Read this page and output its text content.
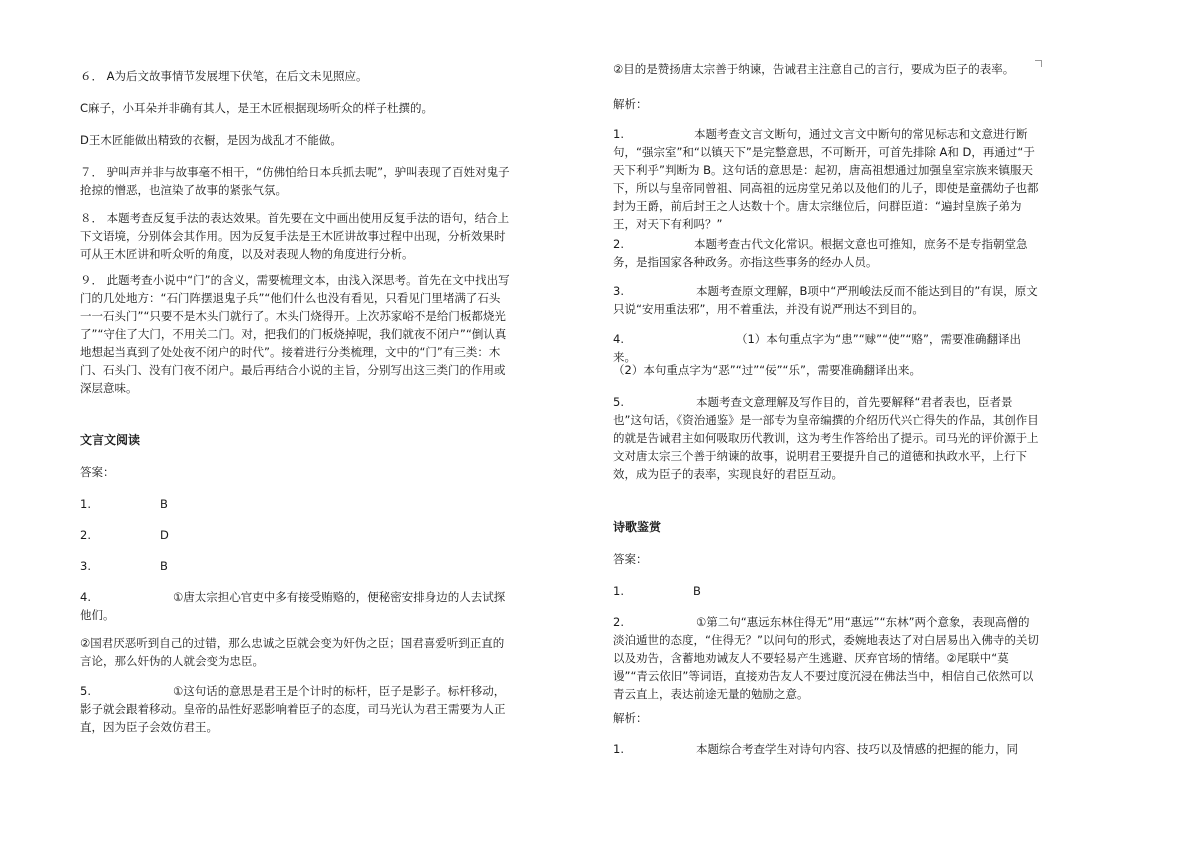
６． A为后文故事情节发展埋下伏笔，在后文未见照应。

C麻子，小耳朵并非确有其人，是王木匠根据现场听众的样子杜撰的。

D王木匠能做出精致的衣橱，是因为战乱才不能做。

７． 驴叫声并非与故事毫不相干，“仿佛怕给日本兵抓去呢”，驴叫表现了百姓对鬼子抢掠的憎恶，也渲染了故事的紧张气氛。

８． 本题考查反复手法的表达效果。首先要在文中画出使用反复手法的语句，结合上下文语境，分别体会其作用。因为反复手法是王木匠讲故事过程中出现，分析效果时可从王木匠讲和听众听的角度，以及对表现人物的角度进行分析。

９． 此题考查小说中“门”的含义，需要梳理文本，由浅入深思考。首先在文中找出写门的几处地方：“石门阵摆退鬼子兵”“他们什么也没有看见，只看见门里堵满了石头一一石头门”“只要不是木头门就行了。木头门烧得开。上次苏家峪不是给门板都烧光了”“守住了大门，不用关二门。对，把我们的门板烧掉呢，我们就夜不闭户”“倒认真地想起当真到了处处夜不闭户的时代”。接着进行分类梳理，文中的“门”有三类：木门、石头门、没有门夜不闭户。最后再结合小说的主旨，分别写出这三类门的作用或深层意味。

文言文阅读
答案：
1.	B
2.	D
3.	B

4.	①唐太宗担心官吏中多有接受贿赂的，便秘密安排身边的人去试探他们。

②国君厌恶听到自己的过错，那么忠诚之臣就会变为奸伪之臣；国君喜爱听到正直的言论，那么奸伪的人就会变为忠臣。

5.	①这句话的意思是君王是个计时的标杆，臣子是影子。标杆移动，影子就会跟着移动。皇帝的品性好恶影响着臣子的态度，司马光认为君王需要为人正直，因为臣子会效仿君王。

②目的是赞扬唐太宗善于纳谏，告诫君主注意自己的言行，要成为臣子的表率。

解析：

1.	本题考查文言文断句，通过文言文中断句的常见标志和文意进行断句，“强宗室”和“以镇天下”是完整意思，不可断开，可首先排除 A和 D，再通过“于天下利乎”判断为 B。这句话的意思是：起初，唐高祖想通过加强皇室宗族来镇服天下，所以与皇帝同曾祖、同高祖的远房堂兄弟以及他们的儿子，即使是童孺幼子也都封为王爵，前后封王之人达数十个。唐太宗继位后，问群臣道：“遍封皇族子弟为王，对天下有利吗？”

2.	本题考查古代文化常识。根据文意也可推知，庶务不是专指朝堂急务，是指国家各种政务。亦指这些事务的经办人员。

3.	本题考查原文理解，B项中“严刑峻法反而不能达到目的”有误，原文只说“安用重法邪”，用不着重法，并没有说严刑达不到目的。

4.	（1）本句重点字为“患”“赇”“使”“赂”，需要准确翻译出来。

（2）本句重点字为“恶”“过”“佞”“乐”，需要准确翻译出来。

5.	本题考查文意理解及写作目的，首先要解释“君者表也，臣者景也”这句话，《资治通鉴》是一部专为皇帝编撰的介绍历代兴亡得失的作品，其创作目的就是告诫君主如何吸取历代教训，这为考生作答给出了提示。司马光的评价源于上文对唐太宗三个善于纳谏的故事，说明君王要提升自己的道德和执政水平，上行下效，成为臣子的表率，实现良好的君臣互动。

诗歌鉴赏
答案：
1.	B

2.	①第二句“惠远东林住得无”用“惠远”“东林”两个意象，表现高僧的淡泊遁世的态度，“住得无？”以问句的形式，委婉地表达了对白居易出入佛寺的关切以及劝告，含蓄地劝诫友人不要轻易产生逃避、厌弃官场的情绪。②尾联中“莫谩”“青云依旧”等词语，直接劝告友人不要过度沉浸在佛法当中，相信自己依然可以青云直上，表达前途无量的勉励之意。

解析：

1.	本题综合考查学生对诗句内容、技巧以及情感的把握的能力，同
